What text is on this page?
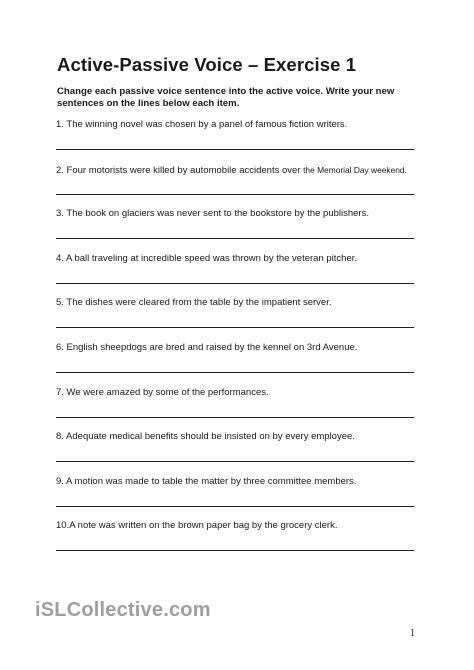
Active-Passive Voice – Exercise 1
Change each passive voice sentence into the active voice. Write your new sentences on the lines below each item.
1. The winning novel was chosen by a panel of famous fiction writers.
2. Four motorists were killed by automobile accidents over the Memorial Day weekend.
3. The book on glaciers was never sent to the bookstore by the publishers.
4. A ball traveling at incredible speed was thrown by the veteran pitcher.
5. The dishes were cleared from the table by the impatient server.
6. English sheepdogs are bred and raised by the kennel on 3rd Avenue.
7. We were amazed by some of the performances.
8. Adequate medical benefits should be insisted on by every employee.
9. A motion was made to table the matter by three committee members.
10.A note was written on the brown paper bag by the grocery clerk.
iSLCollective.com
1
